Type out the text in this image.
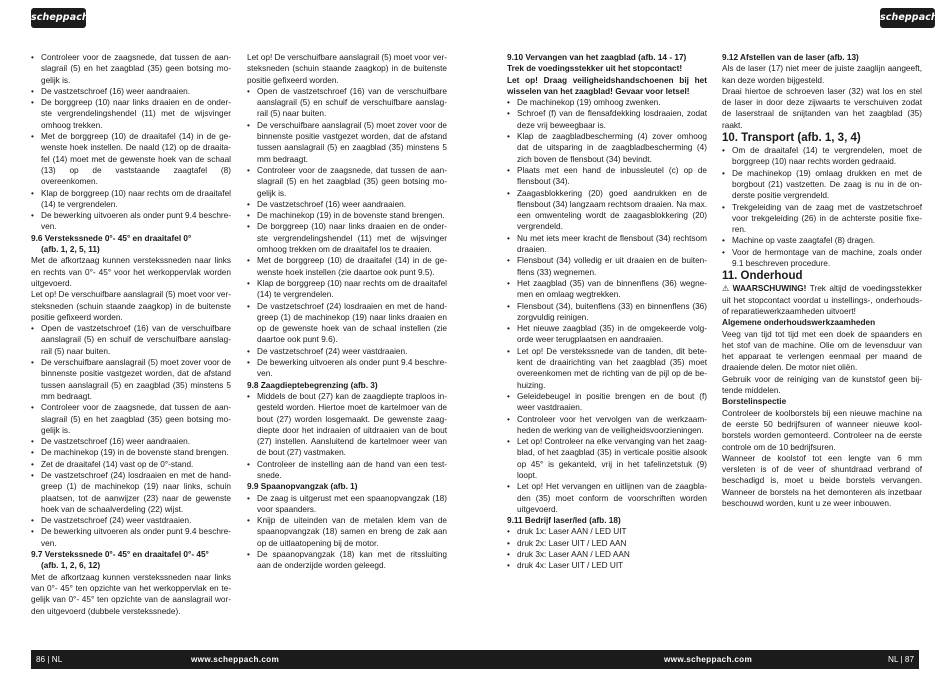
scheppach	scheppach
• Controleer voor de zaagsnede, dat tussen de aanslagrail (5) en het zaagblad (35) geen botsing mogelijk is.
• De vastzetschroef (16) weer aandraaien.
• De borggreep (10) naar links draaien en de onderste vergrendelingshendel (11) met de wijsvinger omhoog trekken.
• Met de borggreep (10) de draaitafel (14) in de gewenste hoek instellen. De naald (12) op de draaitafel (14) moet met de gewenste hoek van de schaal (13) op de vaststaande zaagtafel (8) overeenkomen.
• Klap de borggreep (10) naar rechts om de draaitafel (14) te vergrendelen.
• De bewerking uitvoeren als onder punt 9.4 beschreven.

9.6 Verstekssnede 0°- 45° en draaitafel 0°

(afb. 1, 2, 5, 11)

Met de afkortzaag kunnen verstekssneden naar links en rechts van 0°- 45° voor het werkoppervlak worden uitgevoerd.

Let op! De verschuifbare aanslagrail (5) moet voor versteksneden (schuin staande zaagkop) in de buitenste positie gefixeerd worden.

• Open de vastzetschroef (16) van de verschuifbare aanslagrail (5) en schuif de verschuifbare aanslagrail (5) naar buiten.
• De verschuifbare aanslagrail (5) moet zover voor de binnenste positie vastgezet worden, dat de afstand tussen aanslagrail (5) en zaagblad (35) minstens 5 mm bedraagt.
• Controleer voor de zaagsnede, dat tussen de aanslagrail (5) en het zaagblad (35) geen botsing mogelijk is.
• De vastzetschroef (16) weer aandraaien.
• De machinekop (19) in de bovenste stand brengen.
• Zet de draaitafel (14) vast op de 0°-stand.
• De vastzetschroef (24) losdraaien en met de handgreep (1) de machinekop (19) naar links, schuin plaatsen, tot de aanwijzer (23) naar de gewenste hoek van de schaalverdeling (22) wijst.
• De vastzetschroef (24) weer vastdraaien.
• De bewerking uitvoeren als onder punt 9.4 beschreven.

9.7 Verstekssnede 0°- 45° en draaitafel 0°- 45°

(afb. 1, 2, 6, 12)

Met de afkortzaag kunnen verstekssneden naar links van 0°- 45° ten opzichte van het werkoppervlak en tegelijk van 0°- 45° ten opzichte van de aanslagrail worden uitgevoerd (dubbele verstekssnede).

Let op! De verschuifbare aanslagrail (5) moet voor versteksneden (schuin staande zaagkop) in de buitenste positie gefixeerd worden.

• Open de vastzetschroef (16) van de verschuifbare aanslagrail (5) en schuif de verschuifbare aanslagrail (5) naar buiten.
• De verschuifbare aanslagrail (5) moet zover voor de binnenste positie vastgezet worden, dat de afstand tussen aanslagrail (5) en zaagblad (35) minstens 5 mm bedraagt.
• Controleer voor de zaagsnede, dat tussen de aanslagrail (5) en het zaagblad (35) geen botsing mogelijk is.
• De vastzetschroef (16) weer aandraaien.
• De machinekop (19) in de bovenste stand brengen.
• De borggreep (10) naar links draaien en de onderste vergrendelingshendel (11) met de wijsvinger omhoog trekken om de draaitafel los te draaien.
• Met de borggreep (10) de draaitafel (14) in de gewenste hoek instellen (zie daartoe ook punt 9.5).
• Klap de borggreep (10) naar rechts om de draaitafel (14) te vergrendelen.
• De vastzetschroef (24) losdraaien en met de handgreep (1) de machinekop (19) naar links draaien en op de gewenste hoek van de schaal instellen (zie daartoe ook punt 9.6).
• De vastzetschroef (24) weer vastdraaien.
• De bewerking uitvoeren als onder punt 9.4 beschreven.

9.8 Zaagdieptebegrenzing (afb. 3)

• Middels de bout (27) kan de zaagdiepte traploos ingesteld worden. Hiertoe moet de kartelmoer van de bout (27) worden losgemaakt. De gewenste zaagdiepte door het indraaien of uitdraaien van de bout (27) instellen. Aansluitend de kartelmoer weer van de bout (27) vastmaken.
• Controleer de instelling aan de hand van een testsnede.

9.9 Spaanopvangzak (afb. 1)

• De zaag is uitgerust met een spaanopvangzak (18) voor spaanders.
• Knijp de uiteinden van de metalen klem van de spaanopvangzak (18) samen en breng de zak aan op de uitlaatopening bij de motor.
• De spaanopvangzak (18) kan met de ritssluiting aan de onderzijde worden geleegd.

9.10 Vervangen van het zaagblad (afb. 14 - 17)

Trek de voedingsstekker uit het stopcontact!

Let op! Draag veiligheidshandschoenen bij het wisselen van het zaagblad! Gevaar voor letsel!

• De machinekop (19) omhoog zwenken.
• Schroef (f) van de flensafdekking losdraaien, zodat deze vrij beweegbaar is.
• Klap de zaagbladbescherming (4) zover omhoog dat de uitsparing in de zaagbladbescherming (4) zich boven de flensbout (34) bevindt.
• Plaats met een hand de inbussleutel (c) op de flensbout (34).
• Zaagasblokkering (20) goed aandrukken en de flensbout (34) langzaam rechtsom draaien. Na max. een omwenteling wordt de zaagasblokkering (20) vergrendeld.
• Nu met iets meer kracht de flensbout (34) rechtsom draaien.
• Flensbout (34) volledig er uit draaien en de buitenflens (33) wegnemen.
• Het zaagblad (35) van de binnenflens (36) wegnemen en omlaag wegtrekken.
• Flensbout (34), buitenflens (33) en binnenflens (36) zorgvuldig reinigen.
• Het nieuwe zaagblad (35) in de omgekeerde volgorde weer terugplaatsen en aandraaien.
• Let op! De verstekssnede van de tanden, dit betekent de draairichting van het zaagblad (35) moet overeenkomen met de richting van de pijl op de behuizing.
• Geleidebeugel in positie brengen en de bout (f) weer vastdraaien.
• Controleer voor het vervolgen van de werkzaamheden de werking van de veiligheidsvoorzieningen.
• Let op! Controleer na elke vervanging van het zaagblad, of het zaagblad (35) in verticale positie alsook op 45° is gekanteld, vrij in het tafelinzetstuk (9) loopt.
• Let op! Het vervangen en uitlijnen van de zaagbladen (35) moet conform de voorschriften worden uitgevoerd.

9.11 Bedrijf laser/led (afb. 18)

• druk 1x: Laser AAN / LED UIT
• druk 2x: Laser UIT / LED AAN
• druk 3x: Laser AAN / LED AAN
• druk 4x: Laser UIT / LED UIT

9.12 Afstellen van de laser (afb. 13)

Als de laser (17) niet meer de juiste zaaglijn aangeeft, kan deze worden bijgesteld.

Draai hiertoe de schroeven laser (32) wat los en stel de laser in door deze zijwaarts te verschuiven zodat de laserstraal de snijtanden van het zaagblad (35) raakt.

10. Transport (afb. 1, 3, 4)

• Om de draaitafel (14) te vergrendelen, moet de borggreep (10) naar rechts worden gedraaid.
• De machinekop (19) omlaag drukken en met de borgbout (21) vastzetten. De zaag is nu in de onderste positie vergrendeld.
• Trekgeleiding van de zaag met de vastzetschroef voor trekgeleiding (26) in de achterste positie fixeren.
• Machine op vaste zaagtafel (8) dragen.
• Voor de hermontage van de machine, zoals onder 9.1 beschreven procedure.

11. Onderhoud

⚠ WAARSCHUWING! Trek altijd de voedingsstekker uit het stopcontact voordat u instellings-, onderhouds- of reparatiewerkzaamheden uitvoert!

Algemene onderhoudswerkzaamheden

Veeg van tijd tot tijd met een doek de spaanders en het stof van de machine. Olie om de levensduur van het apparaat te verlengen eenmaal per maand de draaiende delen. De motor niet oliën.

Gebruik voor de reiniging van de kunststof geen bijtende middelen.

Borstelinspectie

Controleer de koolborstels bij een nieuwe machine na de eerste 50 bedrijfsuren of wanneer nieuwe koolborstels worden gemonteerd. Controleer na de eerste controle om de 10 bedrijfsuren.

Wanneer de koolstof tot een lengte van 6 mm versleten is of de veer of shuntdraad verbrand of beschadigd is, moet u beide borstels vervangen. Wanneer de borstels na het demonteren als inzetbaar beschouwd worden, kunt u ze weer inbouwen.

86 | NL	www.scheppach.com	www.scheppach.com	NL | 87
